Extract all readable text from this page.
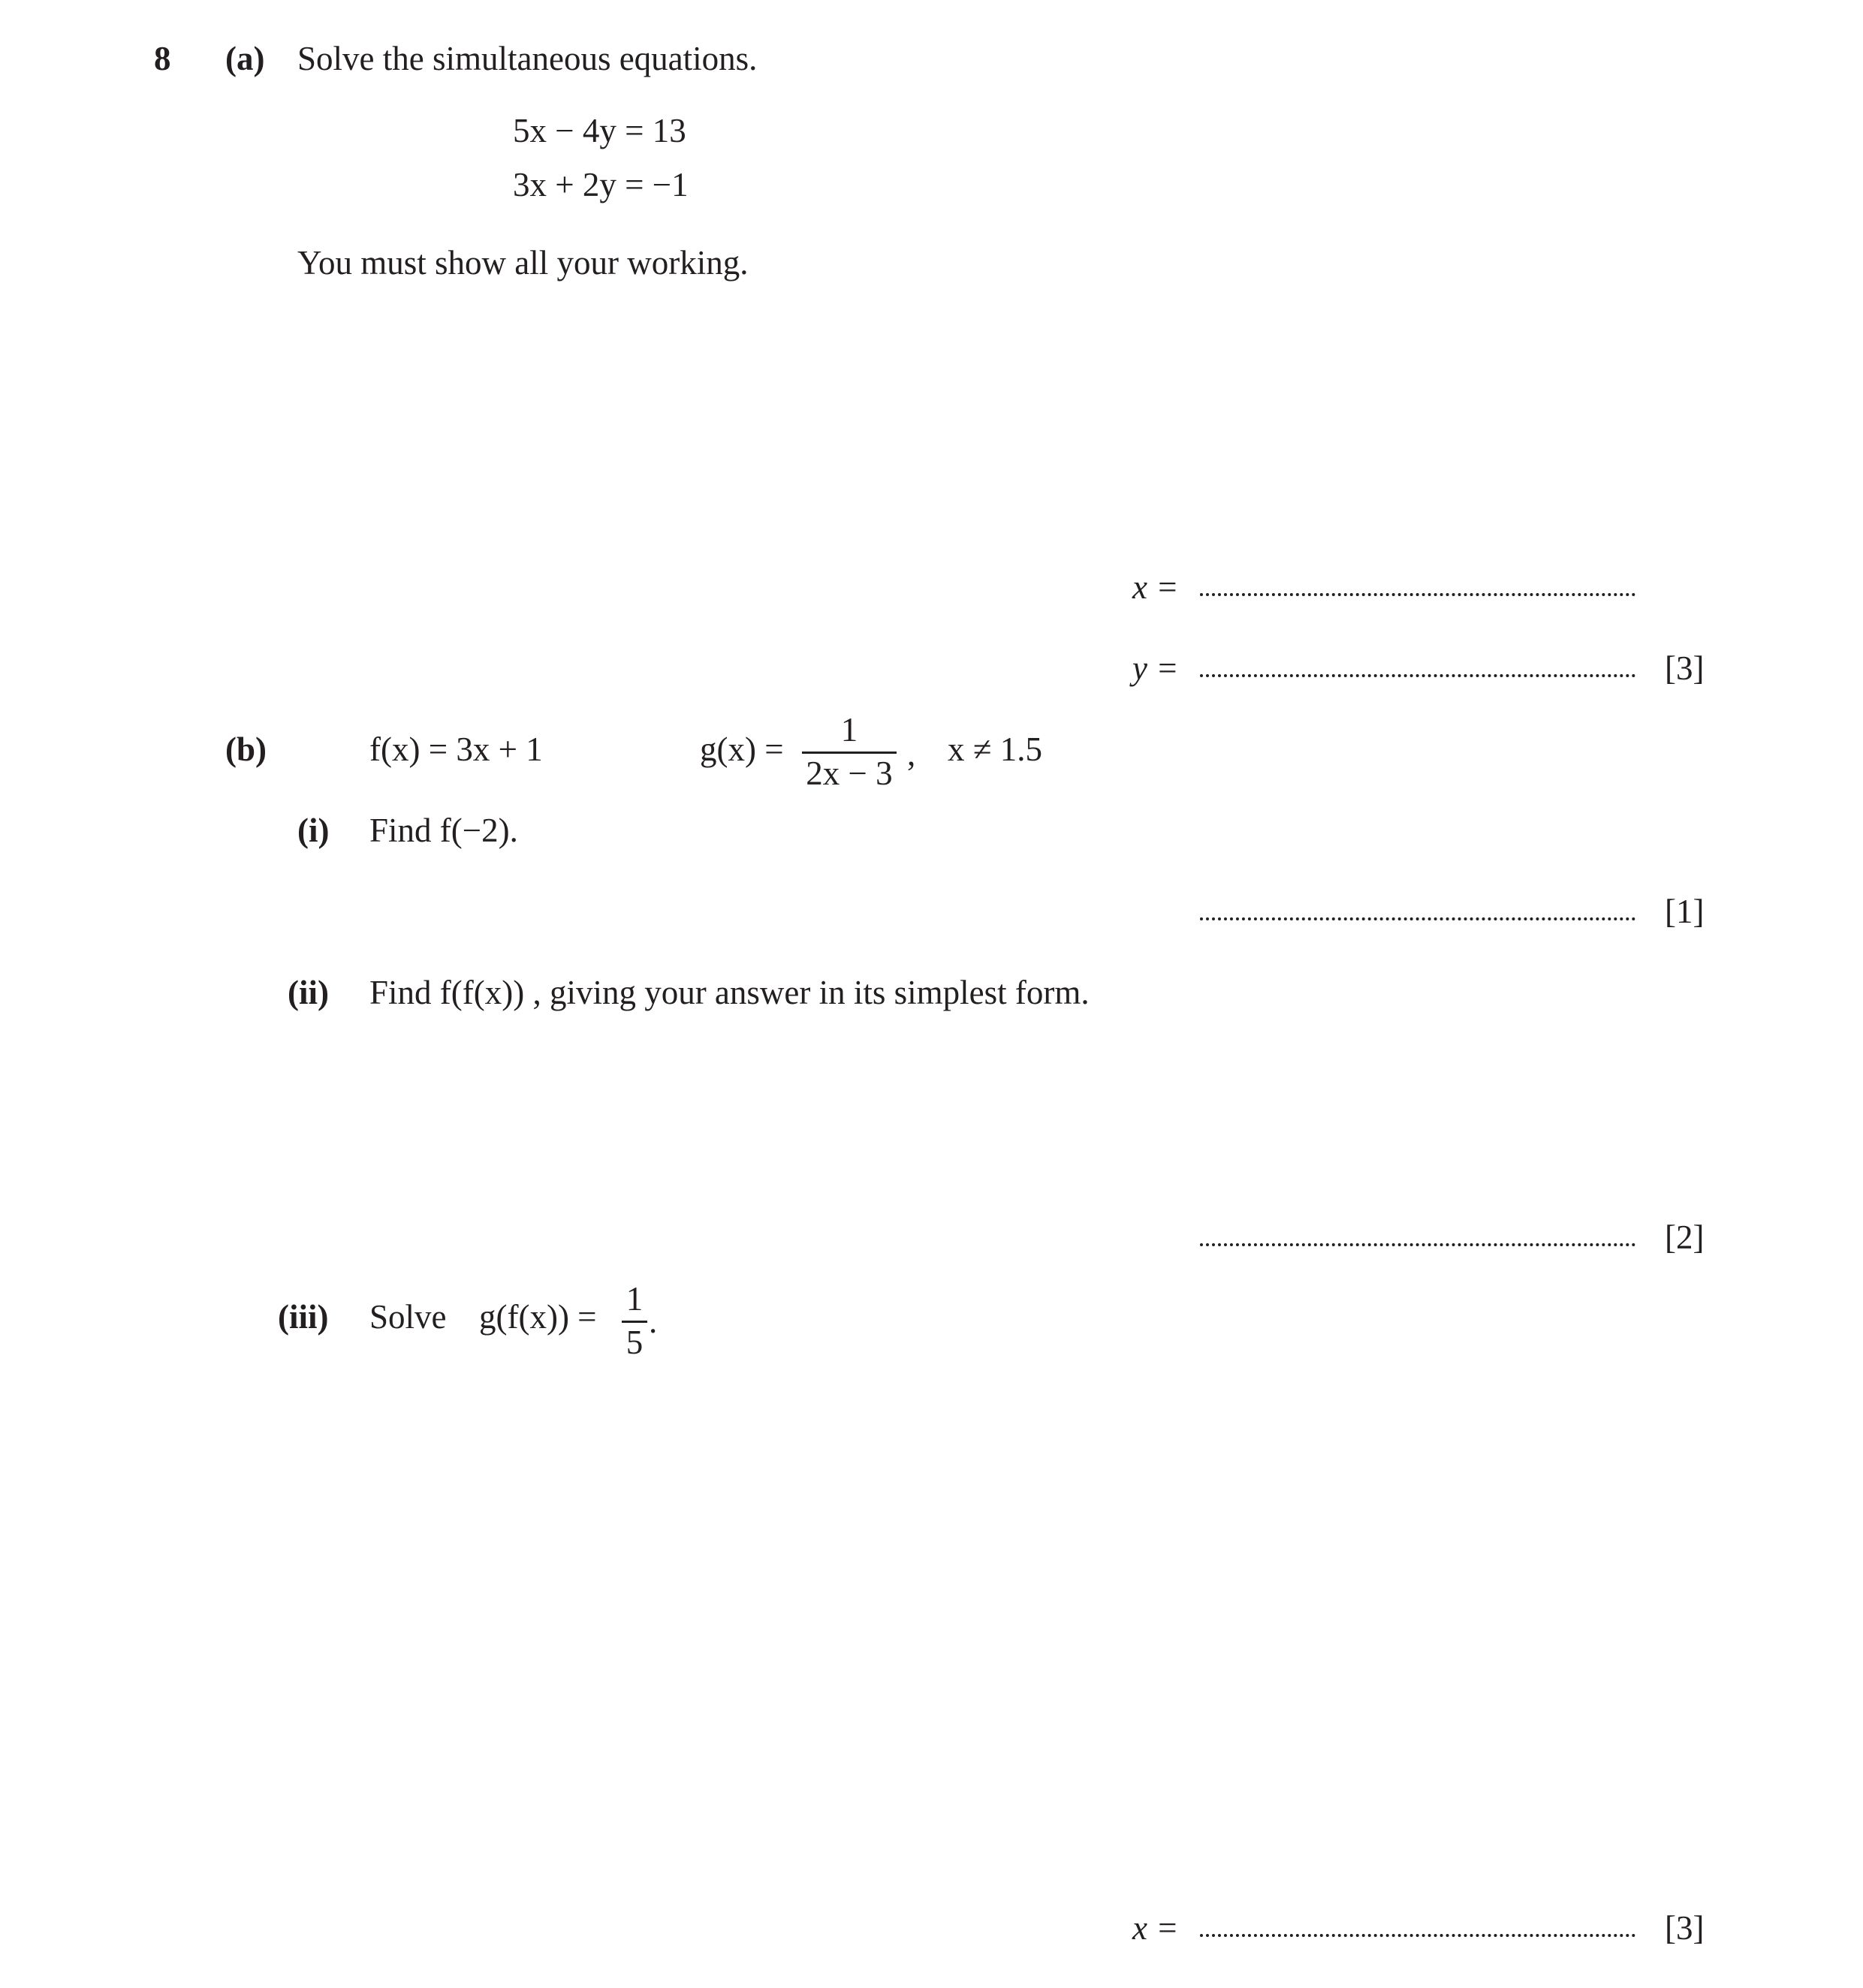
8 (a) Solve the simultaneous equations.
5x − 4y = 13
3x + 2y = −1
You must show all your working.
x =
y =	[3]
(b)	f(x) = 3x + 1	g(x) =
1
2x − 3
, x ≠ 1.5
(i) Find f(−2).
[1]
(ii) Find f(f(x)) , giving your answer in its simplest form.
[2]
(iii) Solve g(f(x)) = 1
5
.
x =	[3]
